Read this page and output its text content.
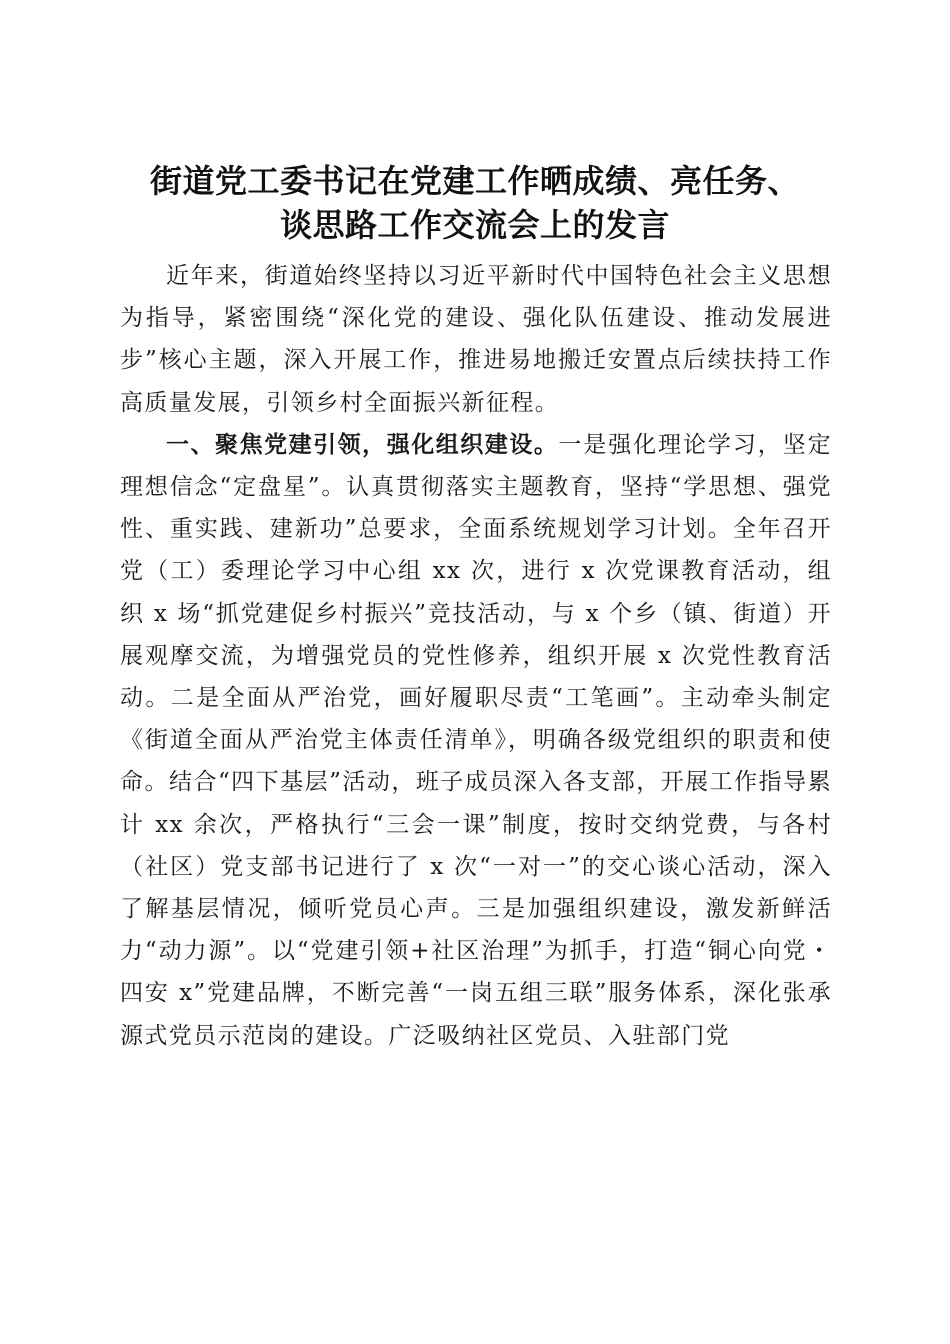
街道党工委书记在党建工作晒成绩、亮任务、
谈思路工作交流会上的发言

近年来，街道始终坚持以习近平新时代中国特色社会主义思想为指导，紧密围绕“深化党的建设、强化队伍建设、推动发展进步”核心主题，深入开展工作，推进易地搬迁安置点后续扶持工作高质量发展，引领乡村全面振兴新征程。

一、聚焦党建引领，强化组织建设。一是强化理论学习，坚定理想信念“定盘星”。认真贯彻落实主题教育，坚持“学思想、强党性、重实践、建新功”总要求，全面系统规划学习计划。全年召开党（工）委理论学习中心组 xx 次，进行 x 次党课教育活动，组织 x 场“抓党建促乡村振兴”竞技活动，与 x 个乡（镇、街道）开展观摩交流，为增强党员的党性修养，组织开展 x 次党性教育活动。二是全面从严治党，画好履职尽责“工笔画”。主动牵头制定《街道全面从严治党主体责任清单》，明确各级党组织的职责和使命。结合“四下基层”活动，班子成员深入各支部，开展工作指导累计 xx 余次，严格执行“三会一课”制度，按时交纳党费，与各村（社区）党支部书记进行了 x 次“一对一”的交心谈心活动，深入了解基层情况，倾听党员心声。三是加强组织建设，激发新鲜活力“动力源”。以“党建引领+社区治理”为抓手，打造“铜心向党・四安 x”党建品牌，不断完善“一岗五组三联”服务体系，深化张承源式党员示范岗的建设。广泛吸纳社区党员、入驻部门党
